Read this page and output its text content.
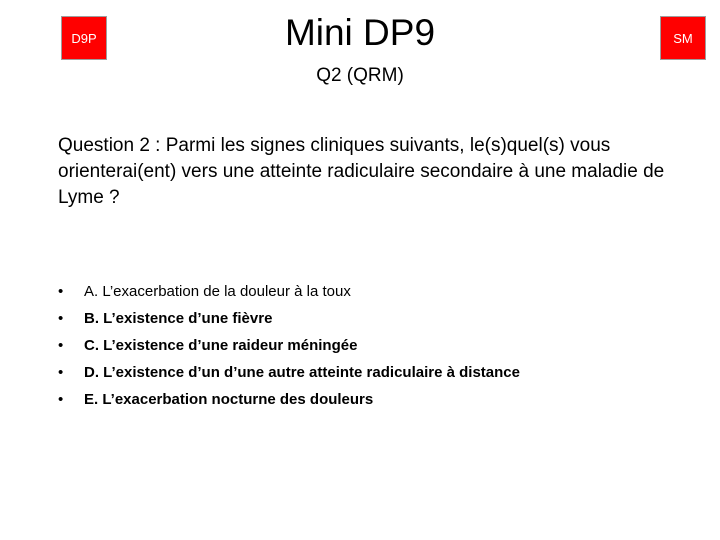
D9P	Mini DP9	SM
Q2 (QRM)
Question 2 : Parmi les signes cliniques suivants, le(s)quel(s) vous orienterai(ent) vers une atteinte radiculaire secondaire à une maladie de Lyme ?
•	A. L’exacerbation de la douleur à la toux
•	B. L’existence d’une fièvre
•	C. L’existence d’une raideur méningée
•	D. L’existence d’un d’une autre atteinte radiculaire à distance
•	E. L’exacerbation nocturne des douleurs
